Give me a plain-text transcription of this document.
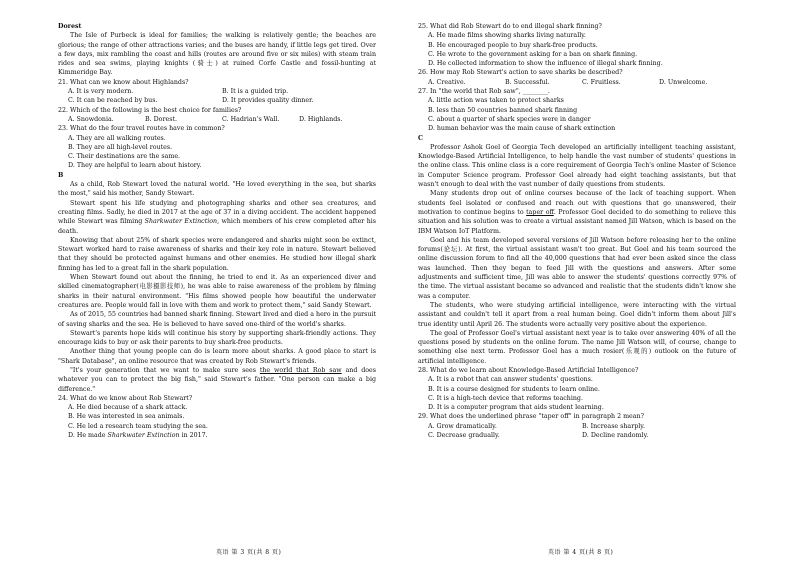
Dorest

The Isle of Purbeck is ideal for families; the walking is relatively gentle; the beaches are glorious; the range of other attractions varies; and the buses are handy, if little legs get tired. Over a few days, mix rambling the coast and hills (routes are around five or six miles) with steam train rides and sea swims, playing knights (骑士) at ruined Corfe Castle and fossil-hunting at Kimmeridge Bay.

21. What can we know about Highlands?

A. It is very modern.	B. It is a guided trip.
C. It can be reached by bus.	D. It provides quality dinner.

22. Which of the following is the best choice for families?

A. Snowdonia.	B. Dorest.	C. Hadrian's Wall.	D. Highlands.

23. What do the four travel routes have in common?

A. They are all walking routes.

B. They are all high-level routes.

C. Their destinations are the same.

D. They are helpful to learn about history.

B

As a child, Rob Stewart loved the natural world. "He loved everything in the sea, but sharks the most," said his mother, Sandy Stewart.

Stewart spent his life studying and photographing sharks and other sea creatures, and creating films. Sadly, he died in 2017 at the age of 37 in a diving accident. The accident happened while Stewart was filming Sharkwater Extinction, which members of his crew completed after his death.

Knowing that about 25% of shark species were endangered and sharks might soon be extinct, Stewart worked hard to raise awareness of sharks and their key role in nature. Stewart believed that they should be protected against humans and other enemies. He studied how illegal shark finning has led to a great fall in the shark population.

When Stewart found out about the finning, he tried to end it. As an experienced diver and skilled cinematographer(电影摄影技师), he was able to raise awareness of the problem by filming sharks in their natural environment. "His films showed people how beautiful the underwater creatures are. People would fall in love with them and work to protect them," said Sandy Stewart.

As of 2015, 55 countries had banned shark finning. Stewart lived and died a hero in the pursuit of saving sharks and the sea. He is believed to have saved one-third of the world's sharks.

Stewart's parents hope kids will continue his story by supporting shark-friendly actions. They encourage kids to buy or ask their parents to buy shark-free products.

Another thing that young people can do is learn more about sharks. A good place to start is "Shark Database", an online resource that was created by Rob Stewart's friends.

"It's your generation that we want to make sure sees the world that Rob saw and does whatever you can to protect the big fish," said Stewart's father. "One person can make a big difference."

24. What do we know about Rob Stewart?

A. He died because of a shark attack.

B. He was interested in sea animals.

C. He led a research team studying the sea.

D. He made Sharkwater Extinction in 2017.

25. What did Rob Stewart do to end illegal shark finning?

A. He made films showing sharks living naturally.

B. He encouraged people to buy shark-free products.

C. He wrote to the government asking for a ban on shark finning.

D. He collected information to show the influence of illegal shark finning.

26. How may Rob Stewart's action to save sharks be described?

A. Creative.	B. Successful.	C. Fruitless.	D. Unwelcome.

27. In "the world that Rob saw", ________.

A. little action was taken to protect sharks

B. less than 50 countries banned shark finning

C. about a quarter of shark species were in danger

D. human behavior was the main cause of shark extinction

C

Professor Ashok Goel of Georgia Tech developed an artificially intelligent teaching assistant, Knowledge-Based Artificial Intelligence, to help handle the vast number of students' questions in the online class. This online class is a core requirement of Georgia Tech's online Master of Science in Computer Science program. Professor Goel already had eight teaching assistants, but that wasn't enough to deal with the vast number of daily questions from students.

Many students drop out of online courses because of the lack of teaching support. When students feel isolated or confused and reach out with questions that go unanswered, their motivation to continue begins to taper off. Professor Goel decided to do something to relieve this situation and his solution was to create a virtual assistant named Jill Watson, which is based on the IBM Watson IoT Platform.

Goel and his team developed several versions of Jill Watson before releasing her to the online forums(论坛). At first, the virtual assistant wasn't too great. But Goel and his team sourced the online discussion forum to find all the 40,000 questions that had ever been asked since the class was launched. Then they began to feed Jill with the questions and answers. After some adjustments and sufficient time, Jill was able to answer the students' questions correctly 97% of the time. The virtual assistant became so advanced and realistic that the students didn't know she was a computer.

The students, who were studying artificial intelligence, were interacting with the virtual assistant and couldn't tell it apart from a real human being. Goel didn't inform them about Jill's true identity until April 26. The students were actually very positive about the experience.

The goal of Professor Goel's virtual assistant next year is to take over answering 40% of all the questions posed by students on the online forum. The name Jill Watson will, of course, change to something else next term. Professor Goel has a much rosier(乐观的) outlook on the future of artificial intelligence.

28. What do we learn about Knowledge-Based Artificial Intelligence?

A. It is a robot that can answer students' questions.

B. It is a course designed for students to learn online.

C. It is a high-tech device that reforms teaching.

D. It is a computer program that aids student learning.

29. What does the underlined phrase "taper off" in paragraph 2 mean?

A. Grow dramatically.	B. Increase sharply.
C. Decrease gradually.	D. Decline randomly.
英语 第 3 页(共 8 页)	英语 第 4 页(共 8 页)
